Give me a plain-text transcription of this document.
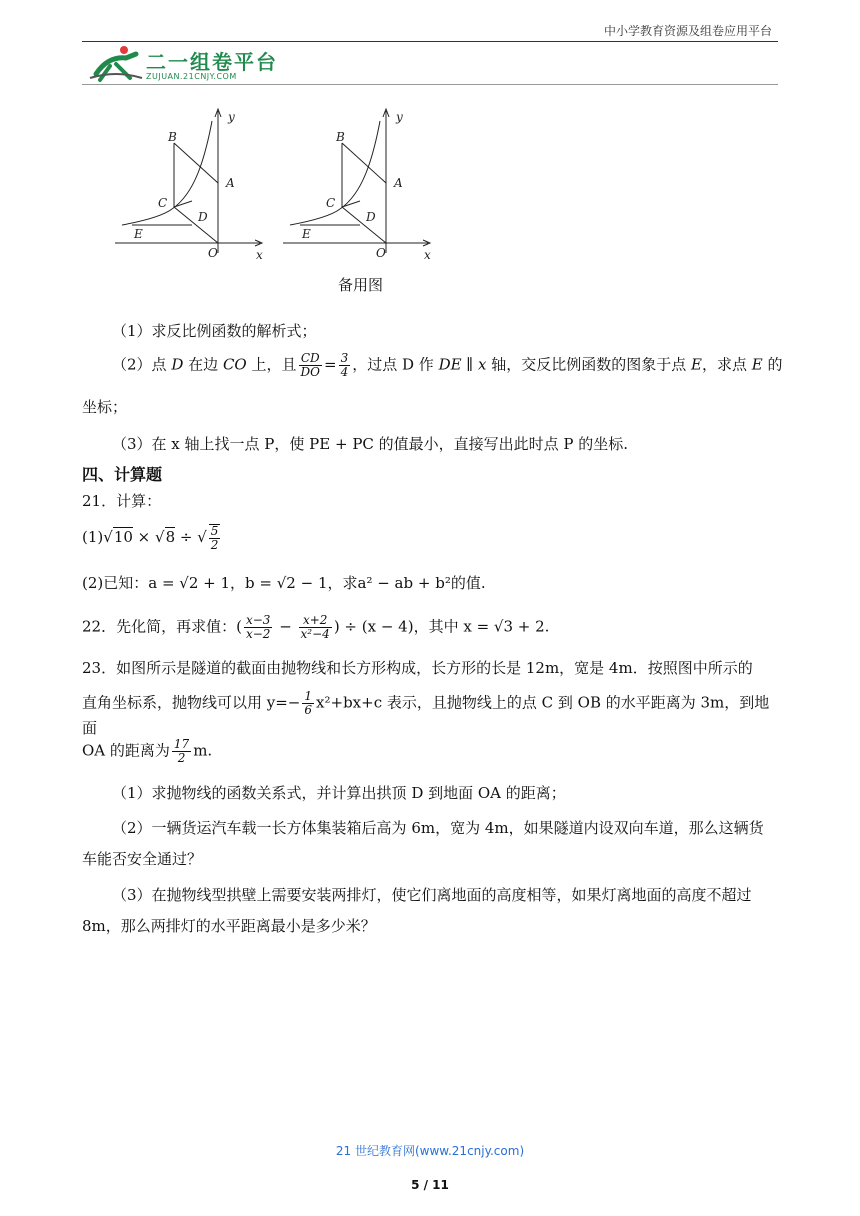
中小学教育资源及组卷应用平台
二一组卷平台
ZUJUAN.21CNJY.COM
B
A
C
D
E
O	x
y
B
A
C
D
E
O	x
y
备用图
（1）求反比例函数的解析式；
（2）点 D 在边 CO 上，且 $\frac{CD}{DO} = \frac{3}{4}$ ，过点 D 作 DE ∥ x 轴，交反比例函数的图象于点 E，求点 E 的
坐标；
（3）在 x 轴上找一点 P，使 PE + PC 的值最小，直接写出此时点 P 的坐标.
四、计算题
21．计算：
(1)√10 × √8 ÷ √ $\frac{5}{2}$
(2)已知：a = √2 + 1，b = √2 − 1，求a² − ab + b²的值.
22．先化简，再求值：( $\frac{x-3}{x-2} - \frac{x+2}{\text{x²−4}}$ ) ÷ (x − 4)，其中 x = √3 + 2.
23．如图所示是隧道的截面由抛物线和长方形构成，长方形的长是 12m，宽是 4m．按照图中所示的
直角坐标系，抛物线可以用 $y=- \frac{1}{6} x^2+bx+c$ 表示，且抛物线上的点 C 到 OB 的水平距离为 3m，到地面
OA 的距离为 $\frac{17}{2} m$.
（1）求抛物线的函数关系式，并计算出拱顶 D 到地面 OA 的距离；
（2）一辆货运汽车载一长方体集装箱后高为 6m，宽为 4m，如果隧道内设双向车道，那么这辆货
车能否安全通过？
（3）在抛物线型拱壁上需要安装两排灯，使它们离地面的高度相等，如果灯离地面的高度不超过
8m，那么两排灯的水平距离最小是多少米？
21 世纪教育网(www.21cnjy.com)
5 / 11
